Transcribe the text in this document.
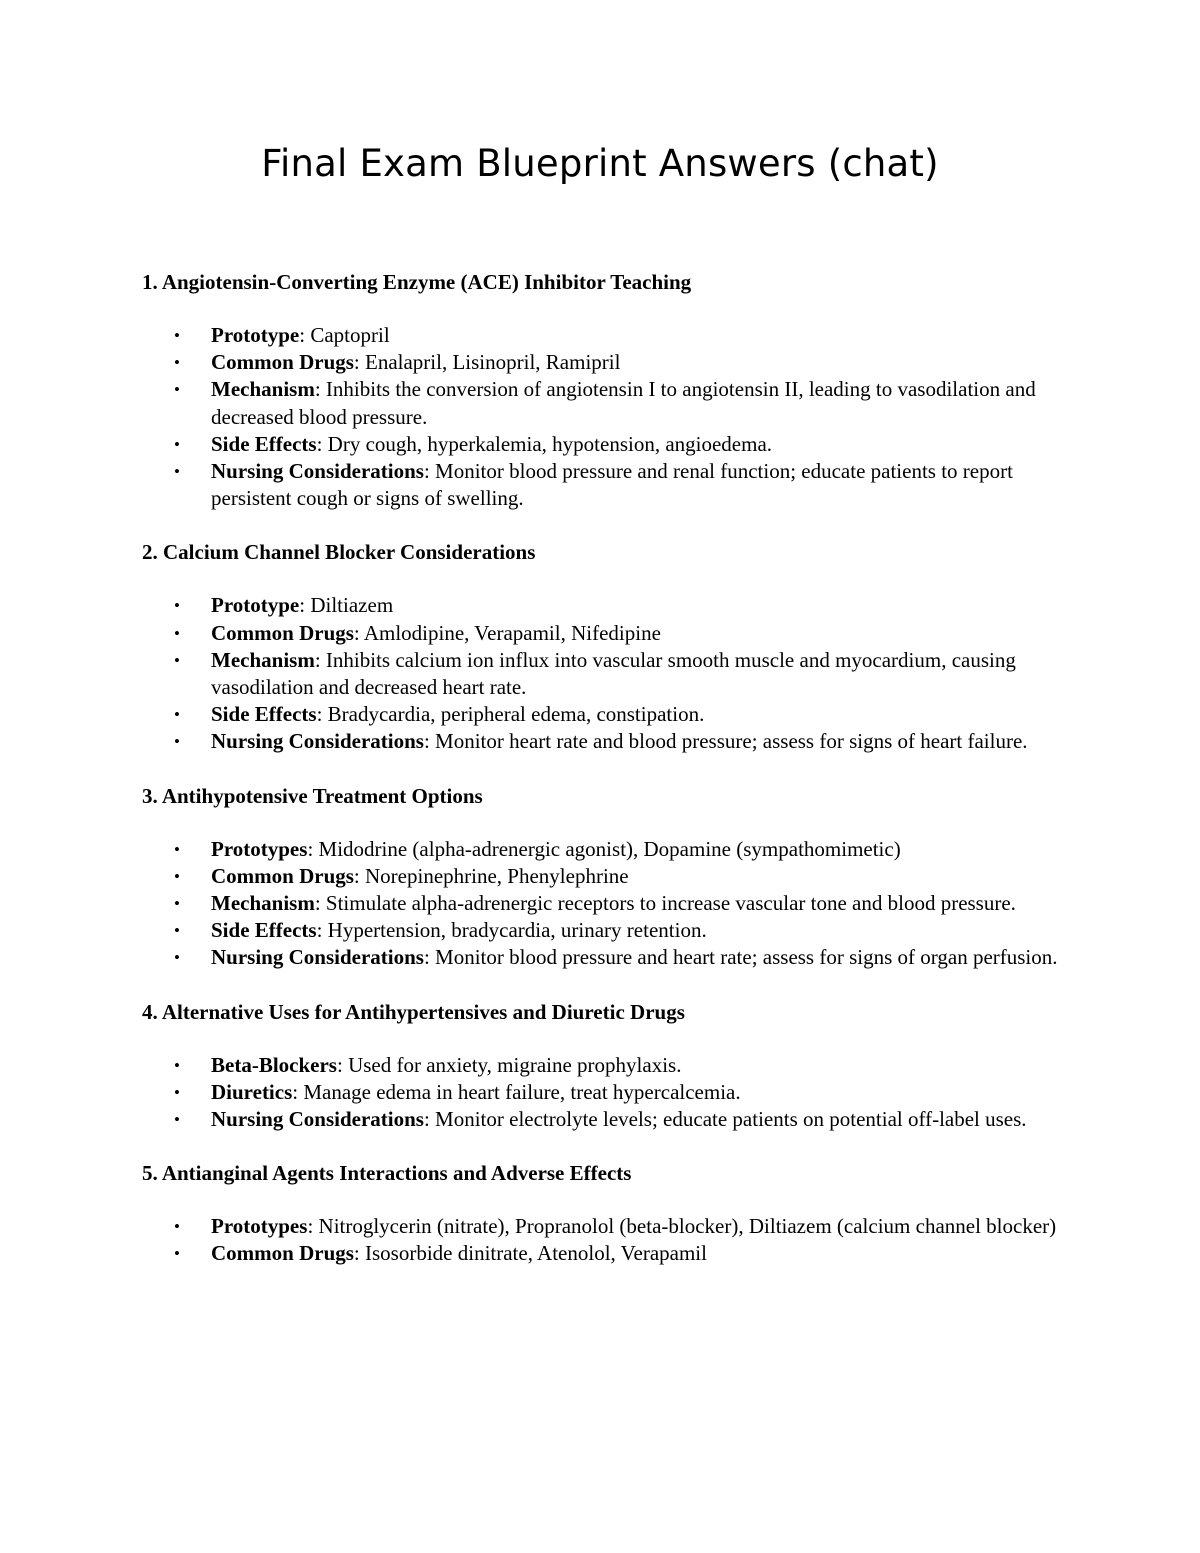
Final Exam Blueprint Answers (chat)
1. Angiotensin-Converting Enzyme (ACE) Inhibitor Teaching
• Prototype: Captopril
• Common Drugs: Enalapril, Lisinopril, Ramipril
• Mechanism: Inhibits the conversion of angiotensin I to angiotensin II, leading to vasodilation and decreased blood pressure.
• Side Effects: Dry cough, hyperkalemia, hypotension, angioedema.
• Nursing Considerations: Monitor blood pressure and renal function; educate patients to report persistent cough or signs of swelling.
2. Calcium Channel Blocker Considerations
• Prototype: Diltiazem
• Common Drugs: Amlodipine, Verapamil, Nifedipine
• Mechanism: Inhibits calcium ion influx into vascular smooth muscle and myocardium, causing vasodilation and decreased heart rate.
• Side Effects: Bradycardia, peripheral edema, constipation.
• Nursing Considerations: Monitor heart rate and blood pressure; assess for signs of heart failure.
3. Antihypotensive Treatment Options
• Prototypes: Midodrine (alpha-adrenergic agonist), Dopamine (sympathomimetic)
• Common Drugs: Norepinephrine, Phenylephrine
• Mechanism: Stimulate alpha-adrenergic receptors to increase vascular tone and blood pressure.
• Side Effects: Hypertension, bradycardia, urinary retention.
• Nursing Considerations: Monitor blood pressure and heart rate; assess for signs of organ perfusion.
4. Alternative Uses for Antihypertensives and Diuretic Drugs
• Beta-Blockers: Used for anxiety, migraine prophylaxis.
• Diuretics: Manage edema in heart failure, treat hypercalcemia.
• Nursing Considerations: Monitor electrolyte levels; educate patients on potential off-label uses.
5. Antianginal Agents Interactions and Adverse Effects
• Prototypes: Nitroglycerin (nitrate), Propranolol (beta-blocker), Diltiazem (calcium channel blocker)
• Common Drugs: Isosorbide dinitrate, Atenolol, Verapamil
